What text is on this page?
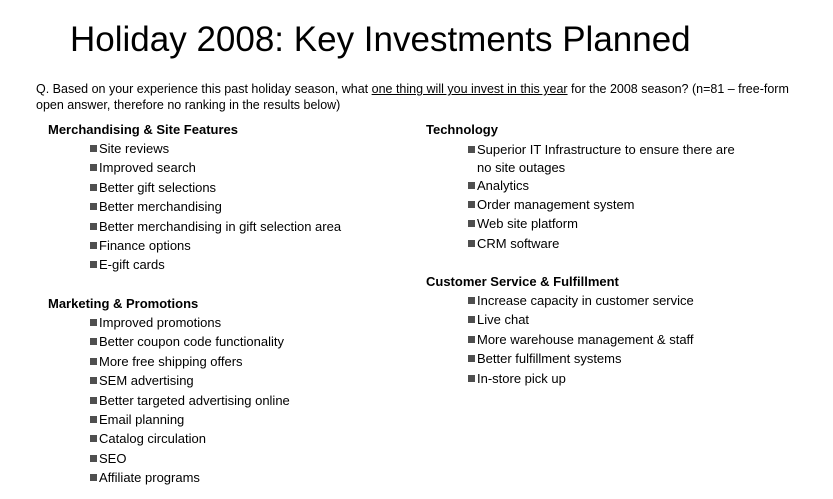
Holiday 2008: Key Investments Planned

Q. Based on your experience this past holiday season, what one thing will you invest in this year for the 2008 season? (n=81 – free-form open answer, therefore no ranking in the results below)

Merchandising & Site Features
Site reviews
Improved search
Better gift selections
Better merchandising
Better merchandising in gift selection area
Finance options
E-gift cards
Marketing & Promotions
Improved promotions
Better coupon code functionality
More free shipping offers
SEM advertising
Better targeted advertising online
Email planning
Catalog circulation
SEO
Affiliate programs
Technology
Superior IT Infrastructure to ensure there are no site outages
Analytics
Order management system
Web site platform
CRM software
Customer Service & Fulfillment
Increase capacity in customer service
Live chat
More warehouse management & staff
Better fulfillment systems
In-store pick up
